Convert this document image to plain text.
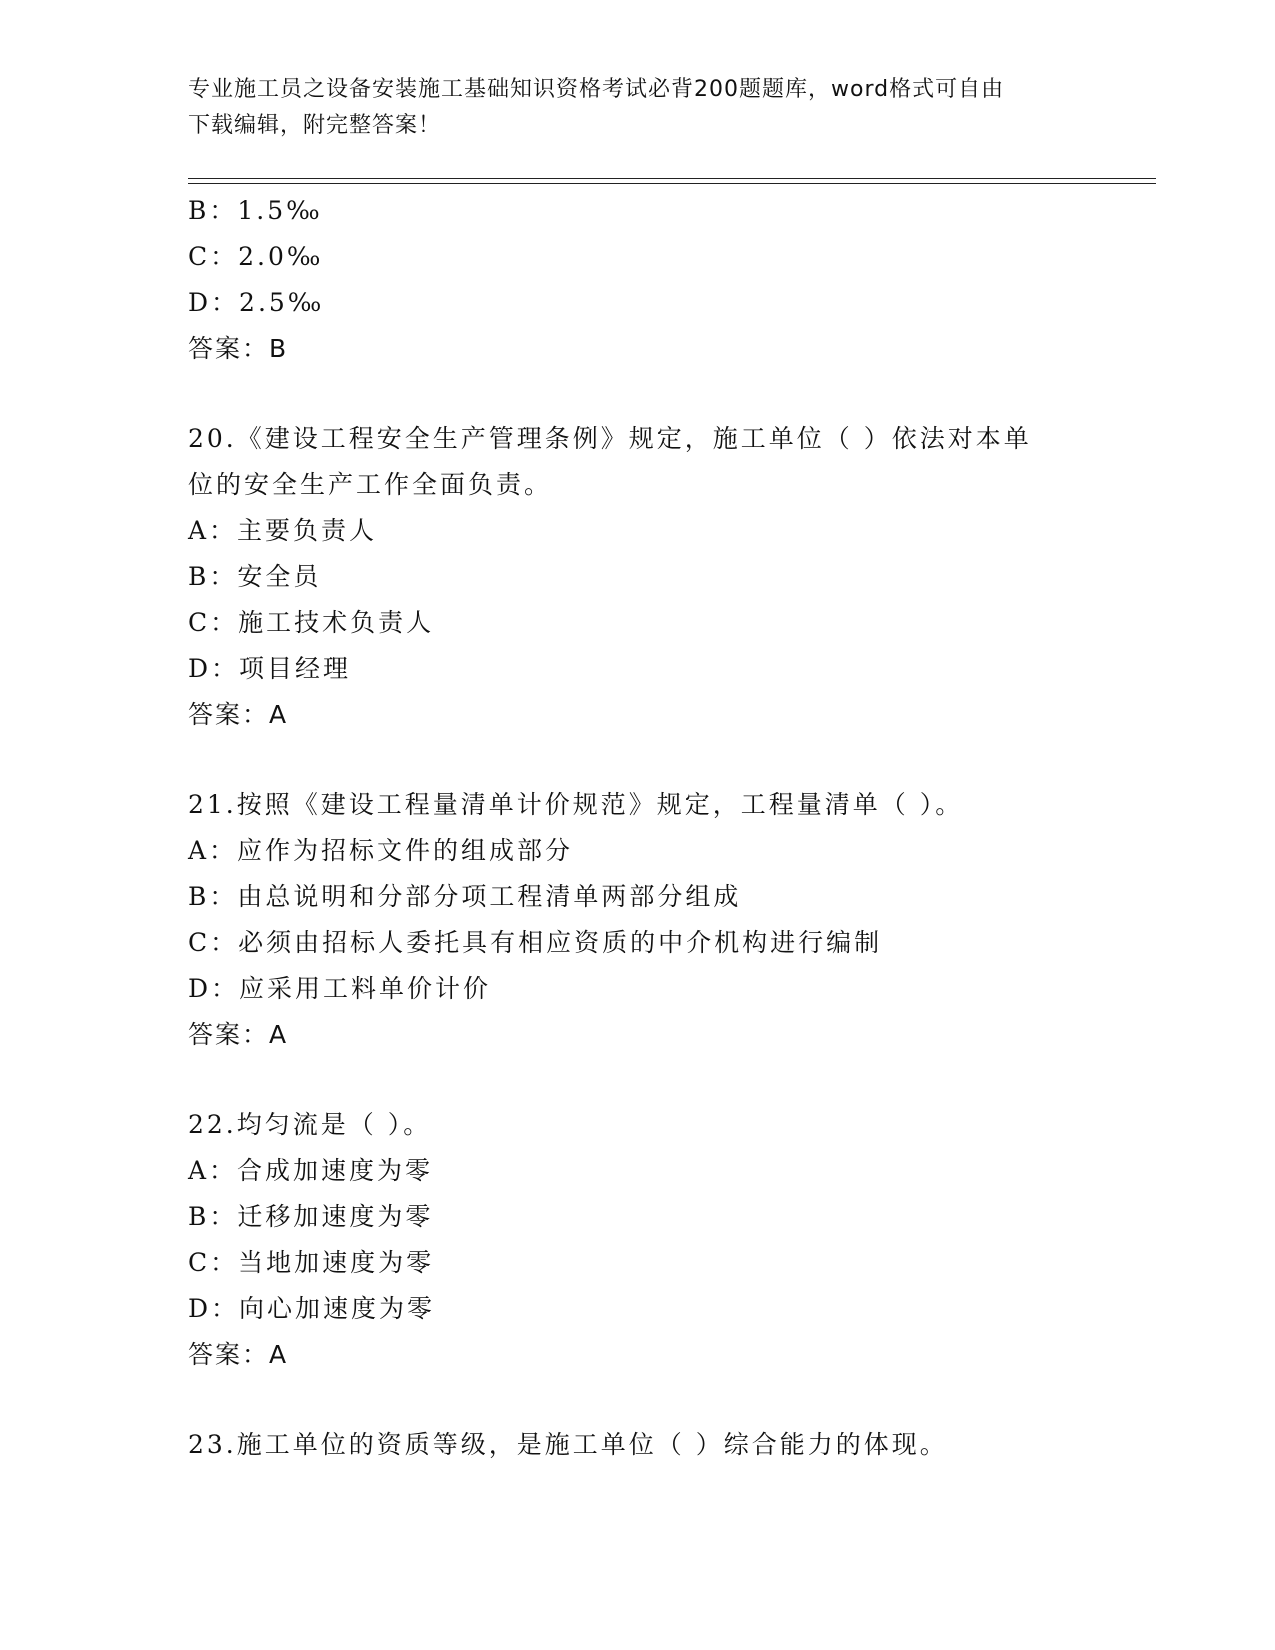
专业施工员之设备安装施工基础知识资格考试必背200题题库，word格式可自由
下载编辑，附完整答案！
B：1.5‰
C：2.0‰
D：2.5‰
答案：B
20.《建设工程安全生产管理条例》规定，施工单位（ ）依法对本单
位的安全生产工作全面负责。
A：主要负责人
B：安全员
C：施工技术负责人
D：项目经理
答案：A
21.按照《建设工程量清单计价规范》规定，工程量清单（ ）。
A：应作为招标文件的组成部分
B：由总说明和分部分项工程清单两部分组成
C：必须由招标人委托具有相应资质的中介机构进行编制
D：应采用工料单价计价
答案：A
22.均匀流是（ ）。
A：合成加速度为零
B：迁移加速度为零
C：当地加速度为零
D：向心加速度为零
答案：A
23.施工单位的资质等级，是施工单位（ ）综合能力的体现。
